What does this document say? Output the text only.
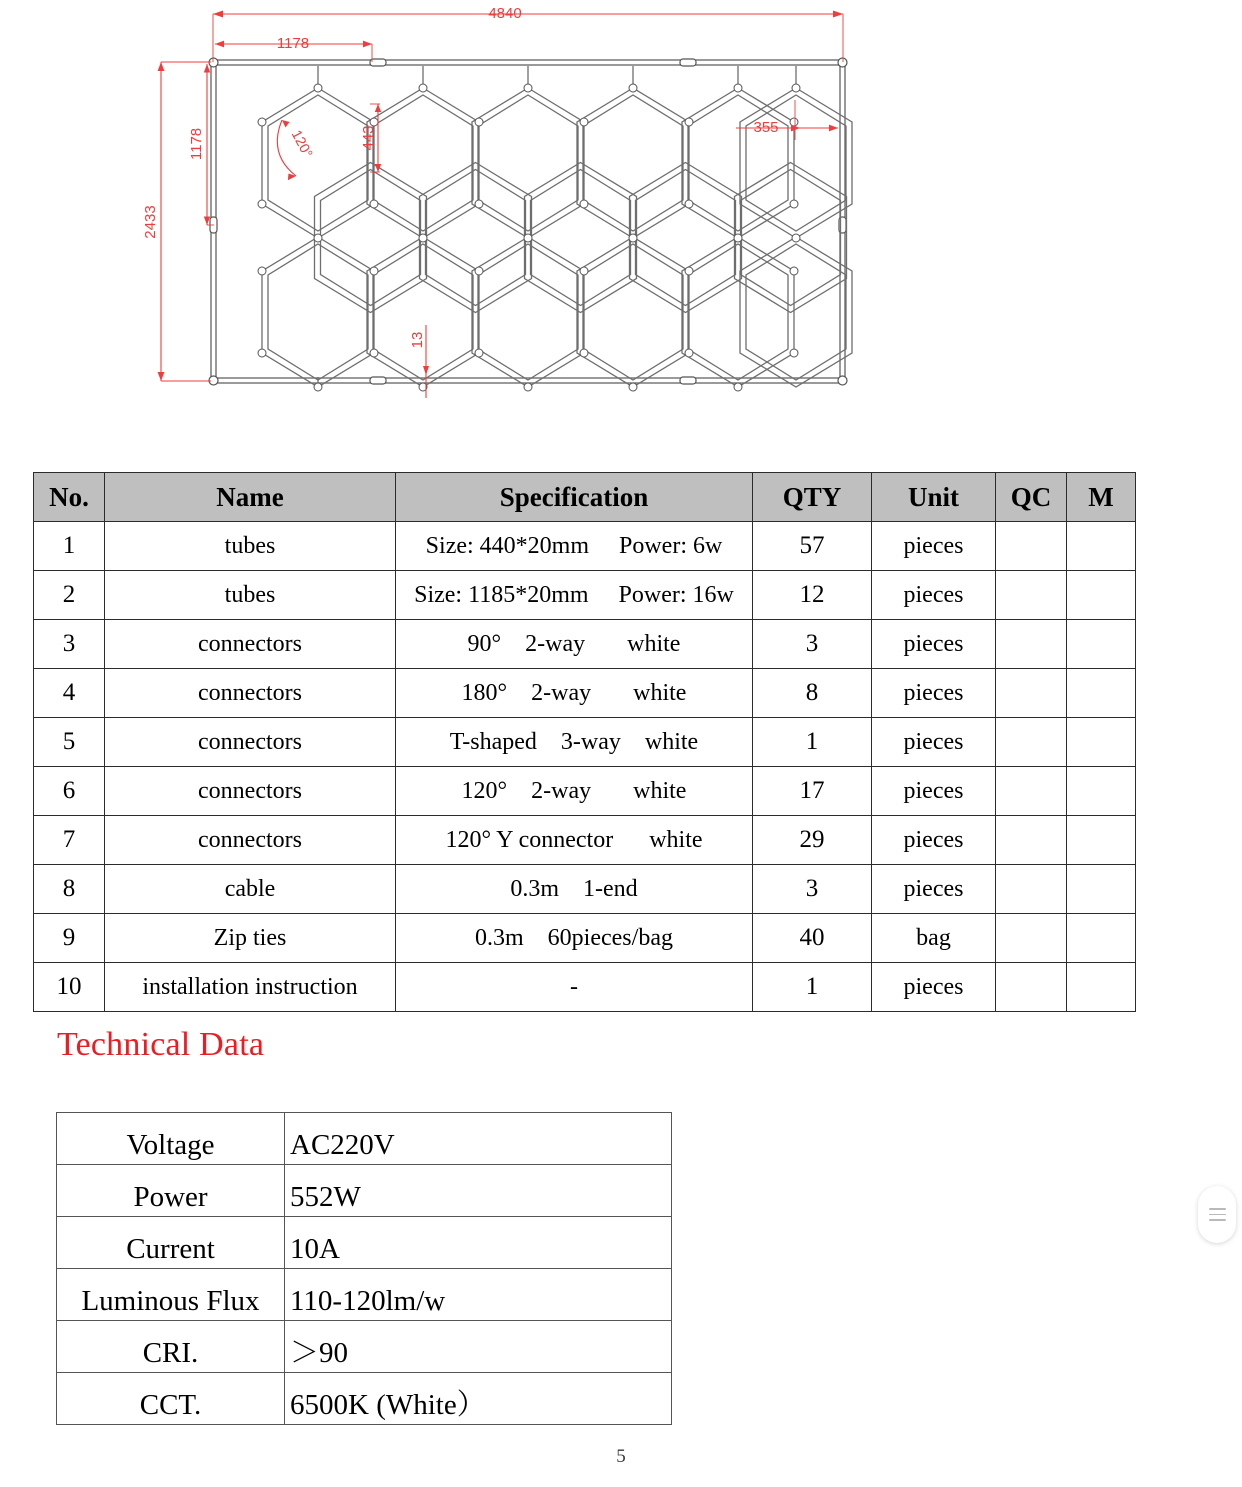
4840
1178
2433
1178	443	355
13
120°
No.	Name	Specification	QTY	Unit	QC	M
1	tubes	Size: 440*20mm     Power: 6w	57	pieces		
2	tubes	Size: 1185*20mm     Power: 16w	12	pieces		
3	connectors	90°    2-way       white	3	pieces		
4	connectors	180°    2-way       white	8	pieces		
5	connectors	T-shaped    3-way    white	1	pieces		
6	connectors	120°    2-way       white	17	pieces		
7	connectors	120° Y connector      white	29	pieces		
8	cable	0.3m    1-end	3	pieces		
9	Zip ties	0.3m    60pieces/bag	40	bag		
10	installation instruction	-	1	pieces		
Technical Data
Voltage	AC220V
Power	552W
Current	10A
Luminous Flux	110-120lm/w
CRI.	＞90
CCT.	6500K (White）
5
